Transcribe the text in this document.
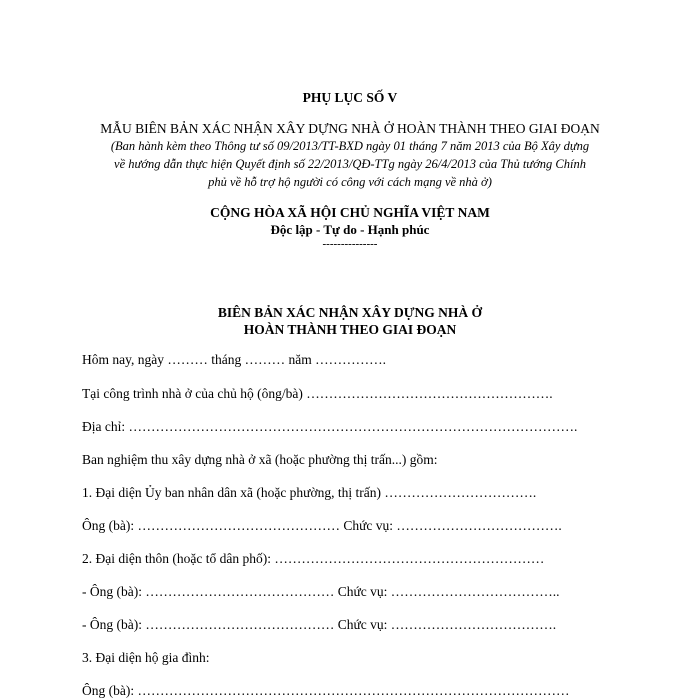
PHỤ LỤC SỐ V
MẪU BIÊN BẢN XÁC NHẬN XÂY DỰNG NHÀ Ở HOÀN THÀNH THEO GIAI ĐOẠN
(Ban hành kèm theo Thông tư số 09/2013/TT-BXD ngày 01 tháng 7 năm 2013 của Bộ Xây dựng
về hướng dẫn thực hiện Quyết định số 22/2013/QĐ-TTg ngày 26/4/2013 của Thủ tướng Chính
phủ về hỗ trợ hộ người có công với cách mạng về nhà ở)
CỘNG HÒA XÃ HỘI CHỦ NGHĨA VIỆT NAM
Độc lập - Tự do - Hạnh phúc
---------------
BIÊN BẢN XÁC NHẬN XÂY DỰNG NHÀ Ở
HOÀN THÀNH THEO GIAI ĐOẠN
Hôm nay, ngày ……… tháng ……… năm …………….
Tại công trình nhà ở của chủ hộ (ông/bà) ……………………………………………….
Địa chỉ: ……………………………………………………………………………………….
Ban nghiệm thu xây dựng nhà ở xã (hoặc phường thị trấn...) gồm:
1. Đại diện Ủy ban nhân dân xã (hoặc phường, thị trấn) …………………………….
Ông (bà): ……………………………………… Chức vụ: ……………………………….
2. Đại diện thôn (hoặc tổ dân phố): ……………………………………………………
- Ông (bà): …………………………………… Chức vụ: ………………………………..
- Ông (bà): …………………………………… Chức vụ: ……………………………….
3. Đại diện hộ gia đình:
Ông (bà): ……………………………………………………………………………………
